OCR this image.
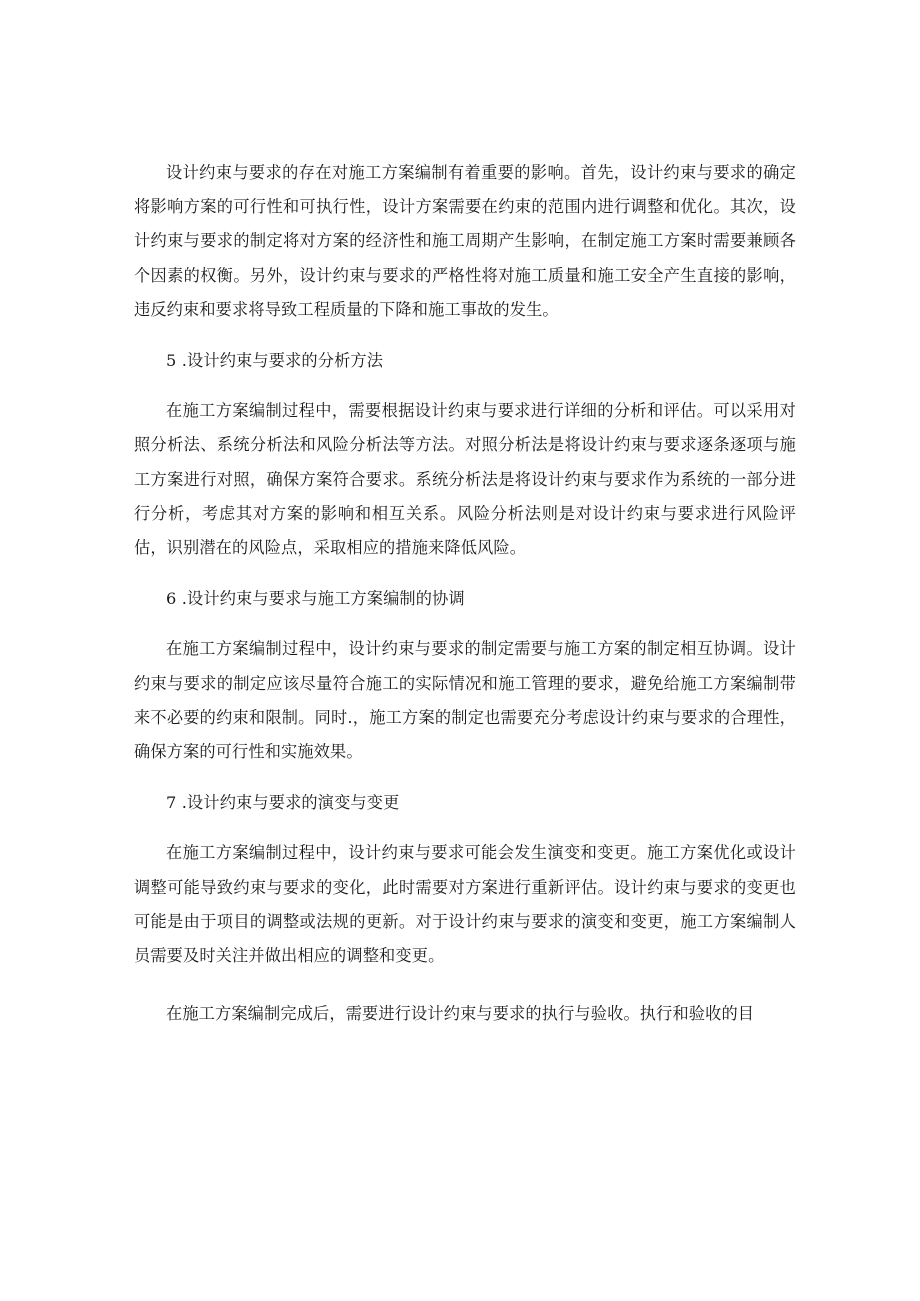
设计约束与要求的存在对施工方案编制有着重要的影响。首先，设计约束与要求的确定将影响方案的可行性和可执行性，设计方案需要在约束的范围内进行调整和优化。其次，设计约束与要求的制定将对方案的经济性和施工周期产生影响，在制定施工方案时需要兼顾各个因素的权衡。另外，设计约束与要求的严格性将对施工质量和施工安全产生直接的影响，违反约束和要求将导致工程质量的下降和施工事故的发生。

5 .设计约束与要求的分析方法

在施工方案编制过程中，需要根据设计约束与要求进行详细的分析和评估。可以采用对照分析法、系统分析法和风险分析法等方法。对照分析法是将设计约束与要求逐条逐项与施工方案进行对照，确保方案符合要求。系统分析法是将设计约束与要求作为系统的一部分进行分析，考虑其对方案的影响和相互关系。风险分析法则是对设计约束与要求进行风险评估，识别潜在的风险点，采取相应的措施来降低风险。

6 .设计约束与要求与施工方案编制的协调

在施工方案编制过程中，设计约束与要求的制定需要与施工方案的制定相互协调。设计约束与要求的制定应该尽量符合施工的实际情况和施工管理的要求，避免给施工方案编制带来不必要的约束和限制。同时.，施工方案的制定也需要充分考虑设计约束与要求的合理性，确保方案的可行性和实施效果。

7 .设计约束与要求的演变与变更

在施工方案编制过程中，设计约束与要求可能会发生演变和变更。施工方案优化或设计调整可能导致约束与要求的变化，此时需要对方案进行重新评估。设计约束与要求的变更也可能是由于项目的调整或法规的更新。对于设计约束与要求的演变和变更，施工方案编制人员需要及时关注并做出相应的调整和变更。

在施工方案编制完成后，需要进行设计约束与要求的执行与验收。执行和验收的目
